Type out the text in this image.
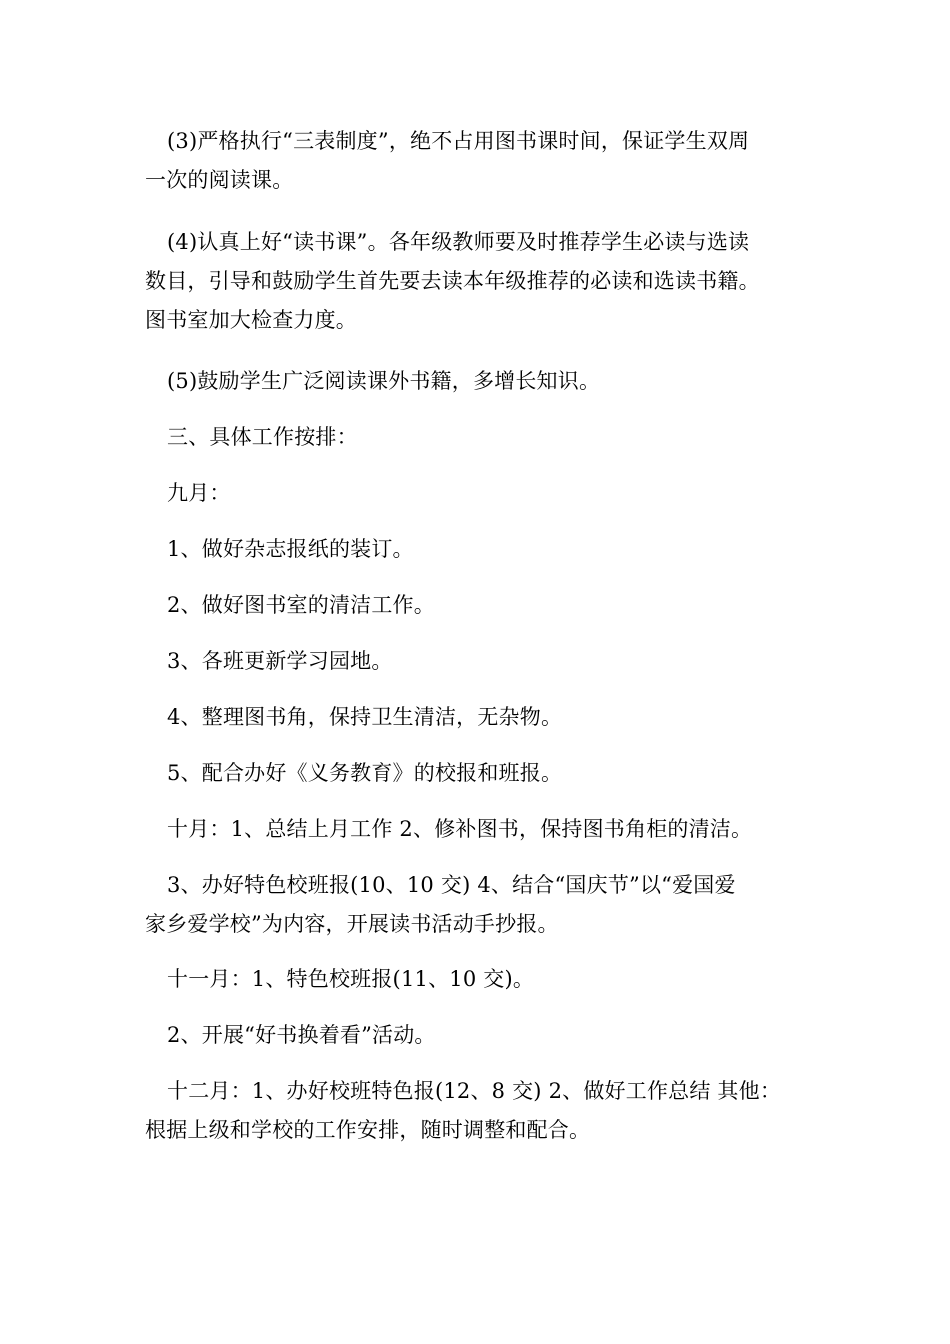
(3)严格执行“三表制度”，绝不占用图书课时间，保证学生双周
一次的阅读课。

(4)认真上好“读书课”。各年级教师要及时推荐学生必读与选读
数目，引导和鼓励学生首先要去读本年级推荐的必读和选读书籍。
图书室加大检查力度。

(5)鼓励学生广泛阅读课外书籍，多增长知识。

三、具体工作按排：

九月：

1、做好杂志报纸的装订。

2、做好图书室的清洁工作。

3、各班更新学习园地。

4、整理图书角，保持卫生清洁，无杂物。

5、配合办好《义务教育》的校报和班报。

十月：1、总结上月工作 2、修补图书，保持图书角柜的清洁。

3、办好特色校班报(10、10 交) 4、结合“国庆节”以“爱国爱
家乡爱学校”为内容，开展读书活动手抄报。

十一月：1、特色校班报(11、10 交)。

2、开展“好书换着看”活动。

十二月：1、办好校班特色报(12、8 交) 2、做好工作总结 其他：
根据上级和学校的工作安排，随时调整和配合。
